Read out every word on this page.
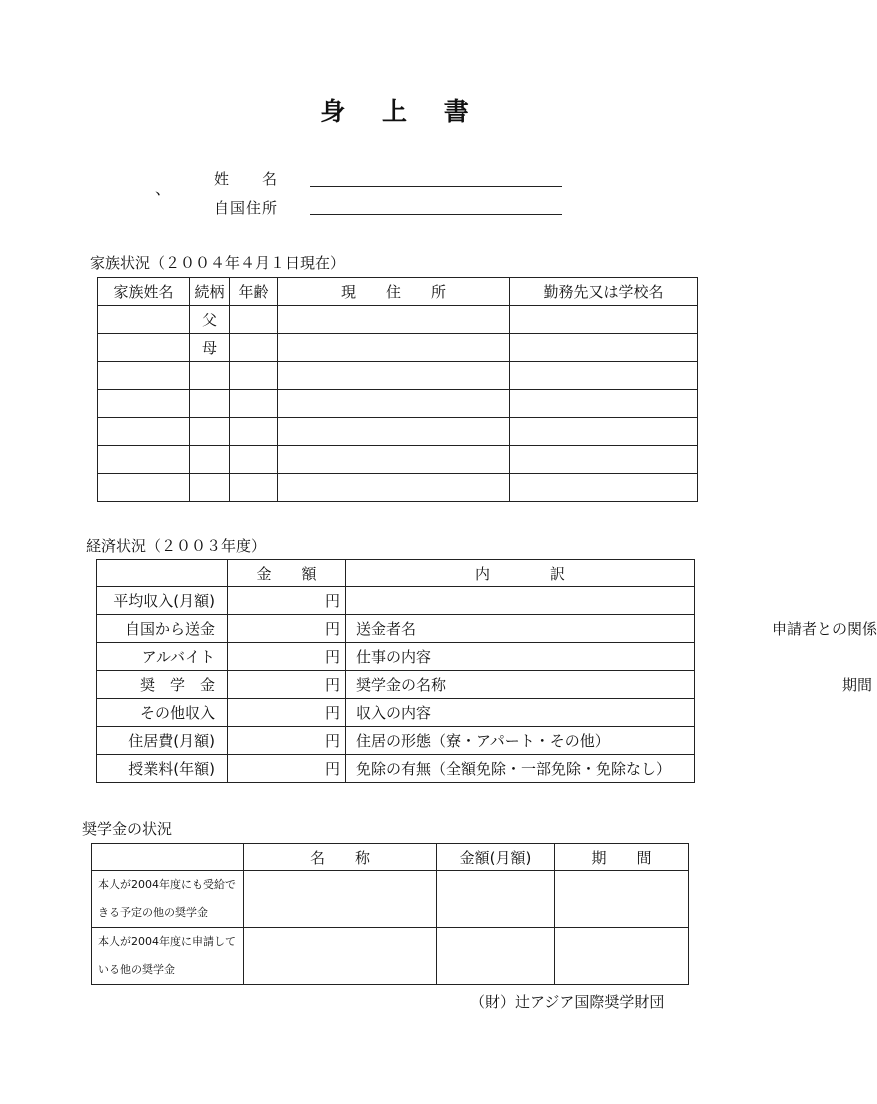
身 上 書
姓　　名
、
自国住所
家族状況（２００４年４月１日現在）
家族姓名	続柄	年齢	現　　住　　所	勤務先又は学校名
	父			
	母			

経済状況（２００３年度）
	金　　額	内　　　　訳
平均収入(月額)	円	
自国から送金	円	送金者名 申請者との関係

アルバイト	円	仕事の内容
奨　学　金	円	奨学金の名称 期間

その他収入	円	収入の内容
住居費(月額)	円	住居の形態（寮・アパート・その他）
授業料(年額)	円	免除の有無（全額免除・一部免除・免除なし）
奨学金の状況
	名　　称	金額(月額)	期　　間
本人が2004年度にも受給できる予定の他の奨学金			
本人が2004年度に申請している他の奨学金			
（財）辻アジア国際奨学財団
